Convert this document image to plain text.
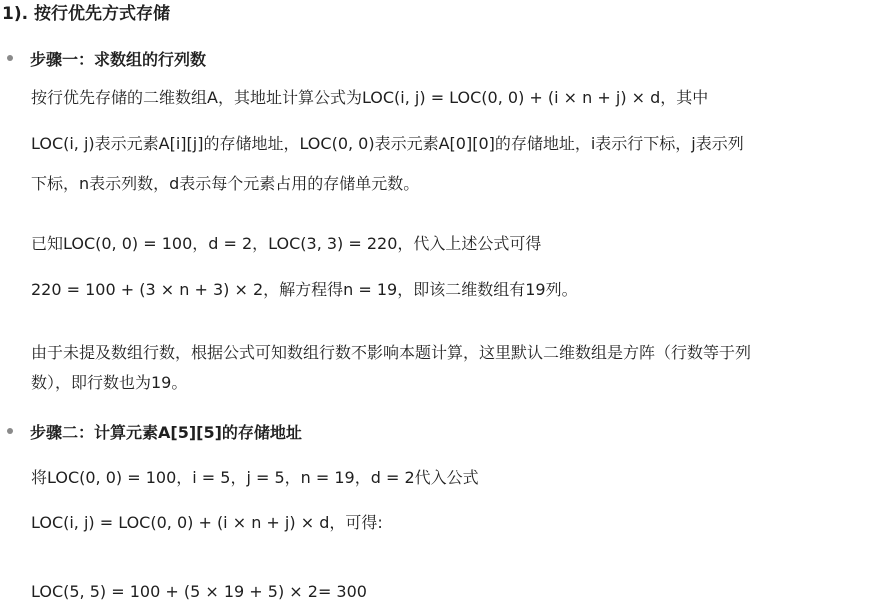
1). 按行优先方式存储
步骤一：求数组的行列数
按行优先存储的二维数组A，其地址计算公式为LOC(i, j) = LOC(0, 0) + (i × n + j) × d，其中
LOC(i, j)表示元素A[i][j]的存储地址，LOC(0, 0)表示元素A[0][0]的存储地址，i表示行下标，j表示列
下标，n表示列数，d表示每个元素占用的存储单元数。
已知LOC(0, 0) = 100，d = 2，LOC(3, 3) = 220，代入上述公式可得
220 = 100 + (3 × n + 3) × 2，解方程得n = 19，即该二维数组有19列。
由于未提及数组行数，根据公式可知数组行数不影响本题计算，这里默认二维数组是方阵（行数等于列
数），即行数也为19。
步骤二：计算元素A[5][5]的存储地址
将LOC(0, 0) = 100，i = 5，j = 5，n = 19，d = 2代入公式
LOC(i, j) = LOC(0, 0) + (i × n + j) × d，可得:
LOC(5, 5) = 100 + (5 × 19 + 5) × 2= 300
